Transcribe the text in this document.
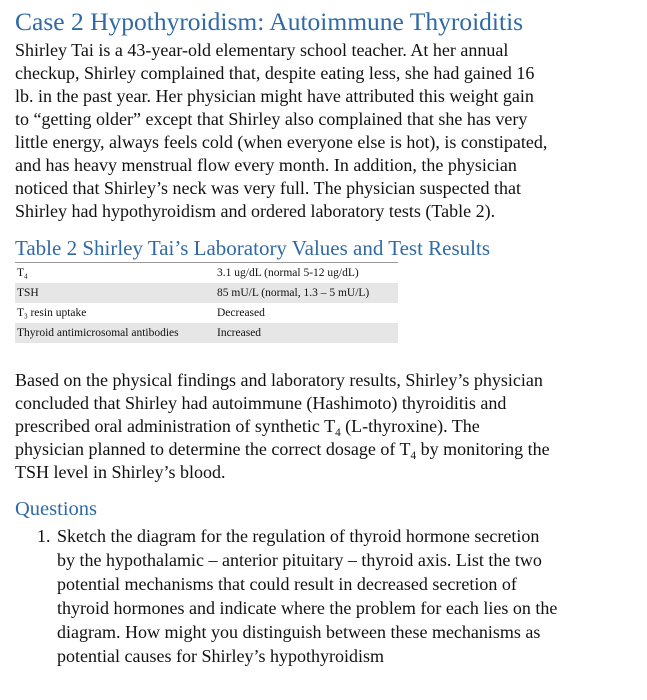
Case 2 Hypothyroidism: Autoimmune Thyroiditis
Shirley Tai is a 43-year-old elementary school teacher. At her annual
checkup, Shirley complained that, despite eating less, she had gained 16
lb. in the past year. Her physician might have attributed this weight gain
to “getting older” except that Shirley also complained that she has very
little energy, always feels cold (when everyone else is hot), is constipated,
and has heavy menstrual flow every month. In addition, the physician
noticed that Shirley’s neck was very full. The physician suspected that
Shirley had hypothyroidism and ordered laboratory tests (Table 2).
Table 2 Shirley Tai’s Laboratory Values and Test Results
$T_4$	3.1 ug/dL (normal 5-12 ug/dL)
TSH	85 mU/L (normal, 1.3 – 5 mU/L)
$T_3$ resin uptake	Decreased
Thyroid antimicrosomal antibodies	Increased
Based on the physical findings and laboratory results, Shirley’s physician
concluded that Shirley had autoimmune (Hashimoto) thyroiditis and
prescribed oral administration of synthetic $T_4$ (L-thyroxine). The
physician planned to determine the correct dosage of $T_4$ by monitoring the
TSH level in Shirley’s blood.
Questions
1. Sketch the diagram for the regulation of thyroid hormone secretion
by the hypothalamic – anterior pituitary – thyroid axis. List the two
potential mechanisms that could result in decreased secretion of
thyroid hormones and indicate where the problem for each lies on the
diagram. How might you distinguish between these mechanisms as
potential causes for Shirley’s hypothyroidism
